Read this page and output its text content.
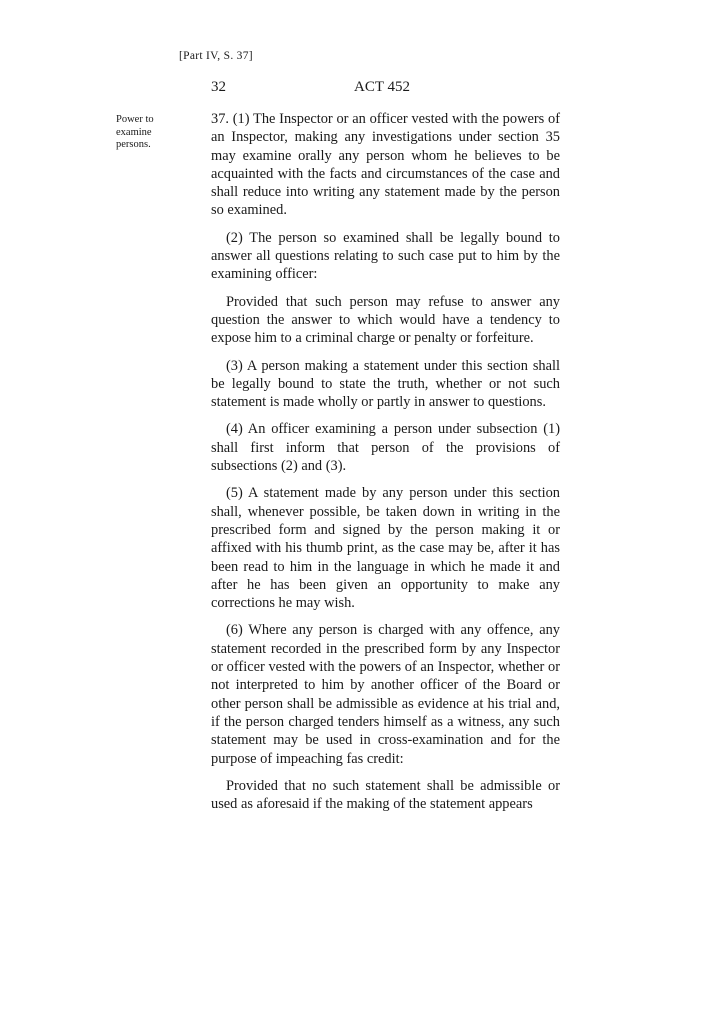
[Part IV, S. 37]
32	ACT 452
Power to examine persons.

37. (1) The Inspector or an officer vested with the powers of an Inspector, making any investigations under section 35 may examine orally any person whom he believes to be acquainted with the facts and circumstances of the case and shall reduce into writing any statement made by the person so examined.

(2) The person so examined shall be legally bound to answer all questions relating to such case put to him by the examining officer:

Provided that such person may refuse to answer any question the answer to which would have a tendency to expose him to a criminal charge or penalty or forfeiture.

(3) A person making a statement under this section shall be legally bound to state the truth, whether or not such statement is made wholly or partly in answer to questions.

(4) An officer examining a person under subsection (1) shall first inform that person of the provisions of subsections (2) and (3).

(5) A statement made by any person under this section shall, whenever possible, be taken down in writing in the prescribed form and signed by the person making it or affixed with his thumb print, as the case may be, after it has been read to him in the language in which he made it and after he has been given an opportunity to make any corrections he may wish.

(6) Where any person is charged with any offence, any statement recorded in the prescribed form by any Inspector or officer vested with the powers of an Inspector, whether or not interpreted to him by another officer of the Board or other person shall be admissible as evidence at his trial and, if the person charged tenders himself as a witness, any such statement may be used in cross-examination and for the purpose of impeaching fas credit:

Provided that no such statement shall be admissible or used as aforesaid if the making of the statement appears
